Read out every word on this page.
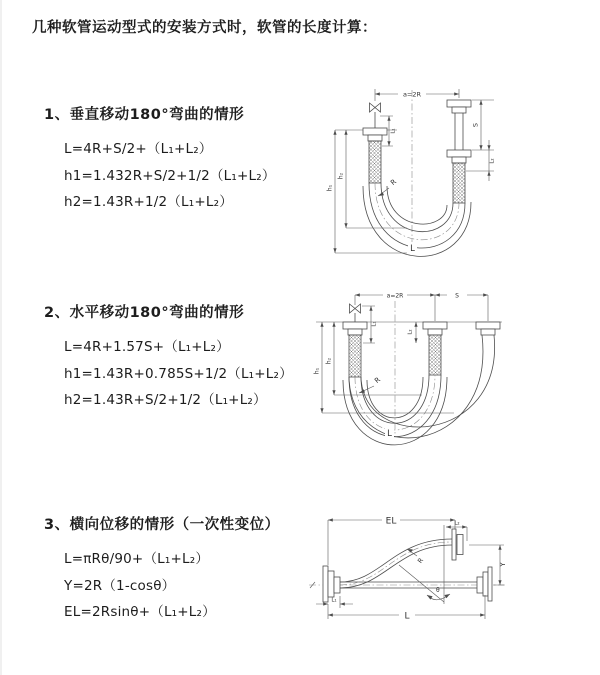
几种软管运动型式的安装方式时，软管的长度计算：

1、垂直移动180°弯曲的情形

L=4R+S/2+（L₁+L₂）

h1=1.432R+S/2+1/2（L₁+L₂）

h2=1.43R+1/2（L₁+L₂）

2、水平移动180°弯曲的情形

L=4R+1.57S+（L₁+L₂）

h1=1.43R+0.785S+1/2（L₁+L₂）

h2=1.43R+S/2+1/2（L₁+L₂）

3、横向位移的情形（一次性变位）

L=πRθ/90+（L₁+L₂）

Y=2R（1-cosθ）

EL=2Rsinθ+（L₁+L₂）

a=2R
S
L₂
h₁
h₂
L₁
R
L
a=2R	S
h₁
h₂
L₁
L₂
R
L
EL	L₂
Y
θ
R
L
L₁
